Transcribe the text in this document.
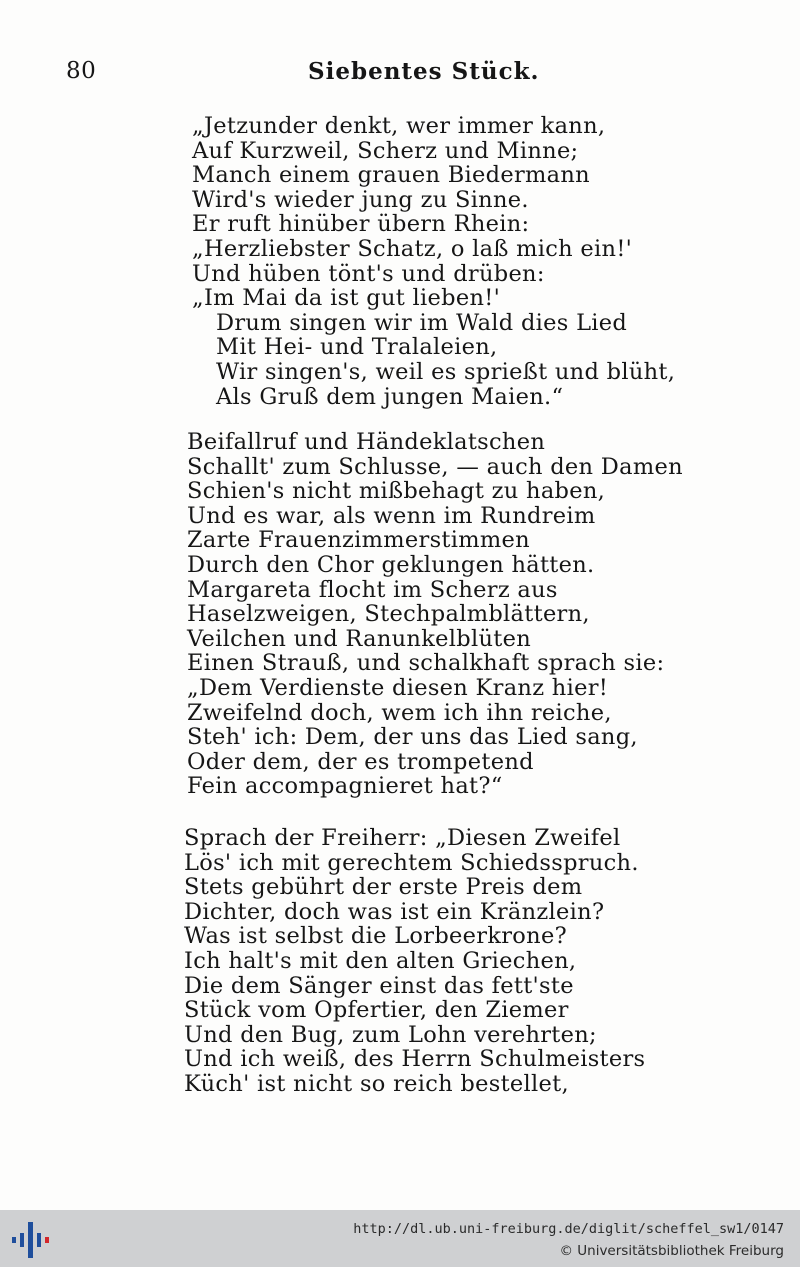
80	Siebentes Stück.
„Jetzunder denkt, wer immer kann,
Auf Kurzweil, Scherz und Minne;
Manch einem grauen Biedermann
Wird's wieder jung zu Sinne.
Er ruft hinüber übern Rhein:
„Herzliebster Schatz, o laß mich ein!'
Und hüben tönt's und drüben:
„Im Mai da ist gut lieben!'
Drum singen wir im Wald dies Lied
Mit Hei- und Tralaleien,
Wir singen's, weil es sprießt und blüht,
Als Gruß dem jungen Maien.“
Beifallruf und Händeklatschen
Schallt' zum Schlusse, — auch den Damen
Schien's nicht mißbehagt zu haben,
Und es war, als wenn im Rundreim
Zarte Frauenzimmerstimmen
Durch den Chor geklungen hätten.
Margareta flocht im Scherz aus
Haselzweigen, Stechpalmblättern,
Veilchen und Ranunkelblüten
Einen Strauß, und schalkhaft sprach sie:
„Dem Verdienste diesen Kranz hier!
Zweifelnd doch, wem ich ihn reiche,
Steh' ich: Dem, der uns das Lied sang,
Oder dem, der es trompetend
Fein accompagnieret hat?“
Sprach der Freiherr: „Diesen Zweifel
Lös' ich mit gerechtem Schiedsspruch.
Stets gebührt der erste Preis dem
Dichter, doch was ist ein Kränzlein?
Was ist selbst die Lorbeerkrone?
Ich halt's mit den alten Griechen,
Die dem Sänger einst das fett'ste
Stück vom Opfertier, den Ziemer
Und den Bug, zum Lohn verehrten;
Und ich weiß, des Herrn Schulmeisters
Küch' ist nicht so reich bestellet,
http://dl.ub.uni-freiburg.de/diglit/scheffel_sw1/0147
© Universitätsbibliothek Freiburg
